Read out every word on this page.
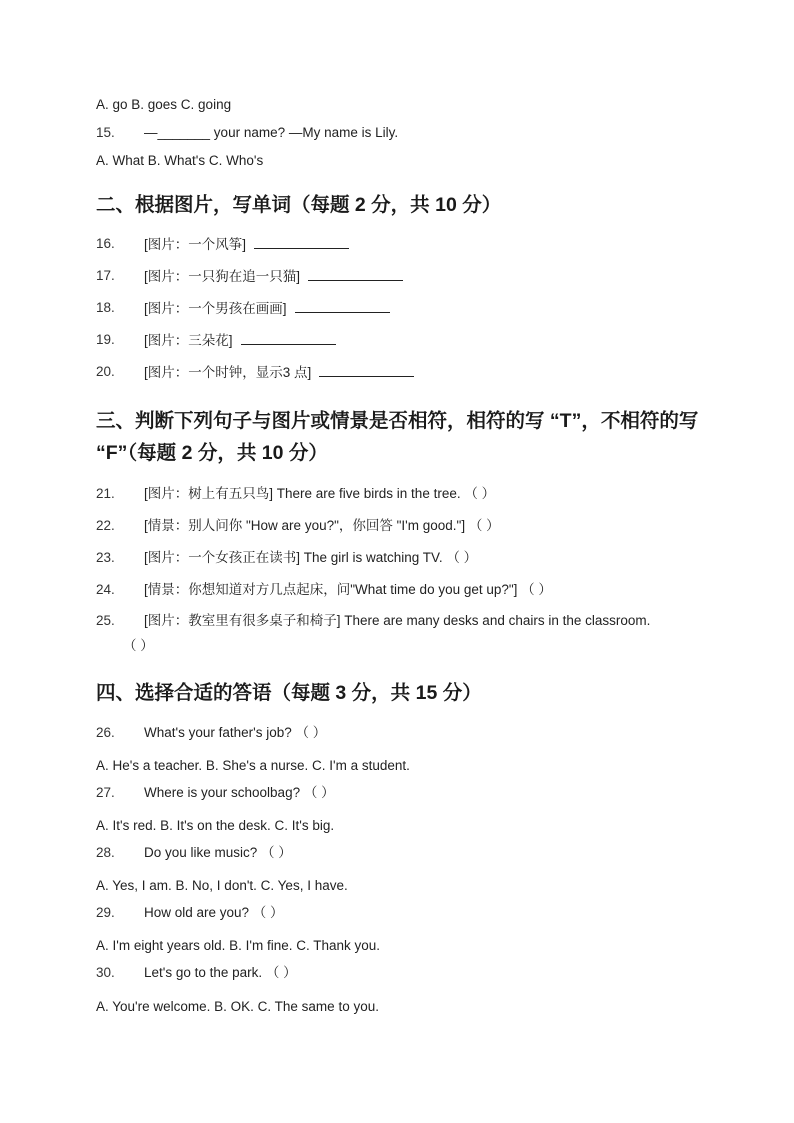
A. go B. goes C. going
15. —_______ your name? —My name is Lily.
A. What B. What's C. Who's
二、根据图片，写单词（每题 2 分，共 10 分）
16. [图片：一个风筝]
17. [图片：一只狗在追一只猫]
18. [图片：一个男孩在画画]
19. [图片：三朵花]
20. [图片：一个时钟，显示3 点]
三、判断下列句子与图片或情景是否相符，相符的写 “T”，不相符的写 “F”（每题 2 分，共 10 分）
21. [图片：树上有五只鸟] There are five birds in the tree. （ ）
22. [情景：别人问你 "How are you?"，你回答 "I'm good."] （ ）
23. [图片：一个女孩正在读书] The girl is watching TV. （ ）
24. [情景：你想知道对方几点起床，问"What time do you get up?"] （ ）
25. [图片：教室里有很多桌子和椅子] There are many desks and chairs in the classroom.
（ ）
四、选择合适的答语（每题 3 分，共 15 分）
26. What's your father's job? （ ）
A. He's a teacher. B. She's a nurse. C. I'm a student.
27. Where is your schoolbag? （ ）
A. It's red. B. It's on the desk. C. It's big.
28. Do you like music? （ ）
A. Yes, I am. B. No, I don't. C. Yes, I have.
29. How old are you? （ ）
A. I'm eight years old. B. I'm fine. C. Thank you.
30. Let's go to the park. （ ）
A. You're welcome. B. OK. C. The same to you.
